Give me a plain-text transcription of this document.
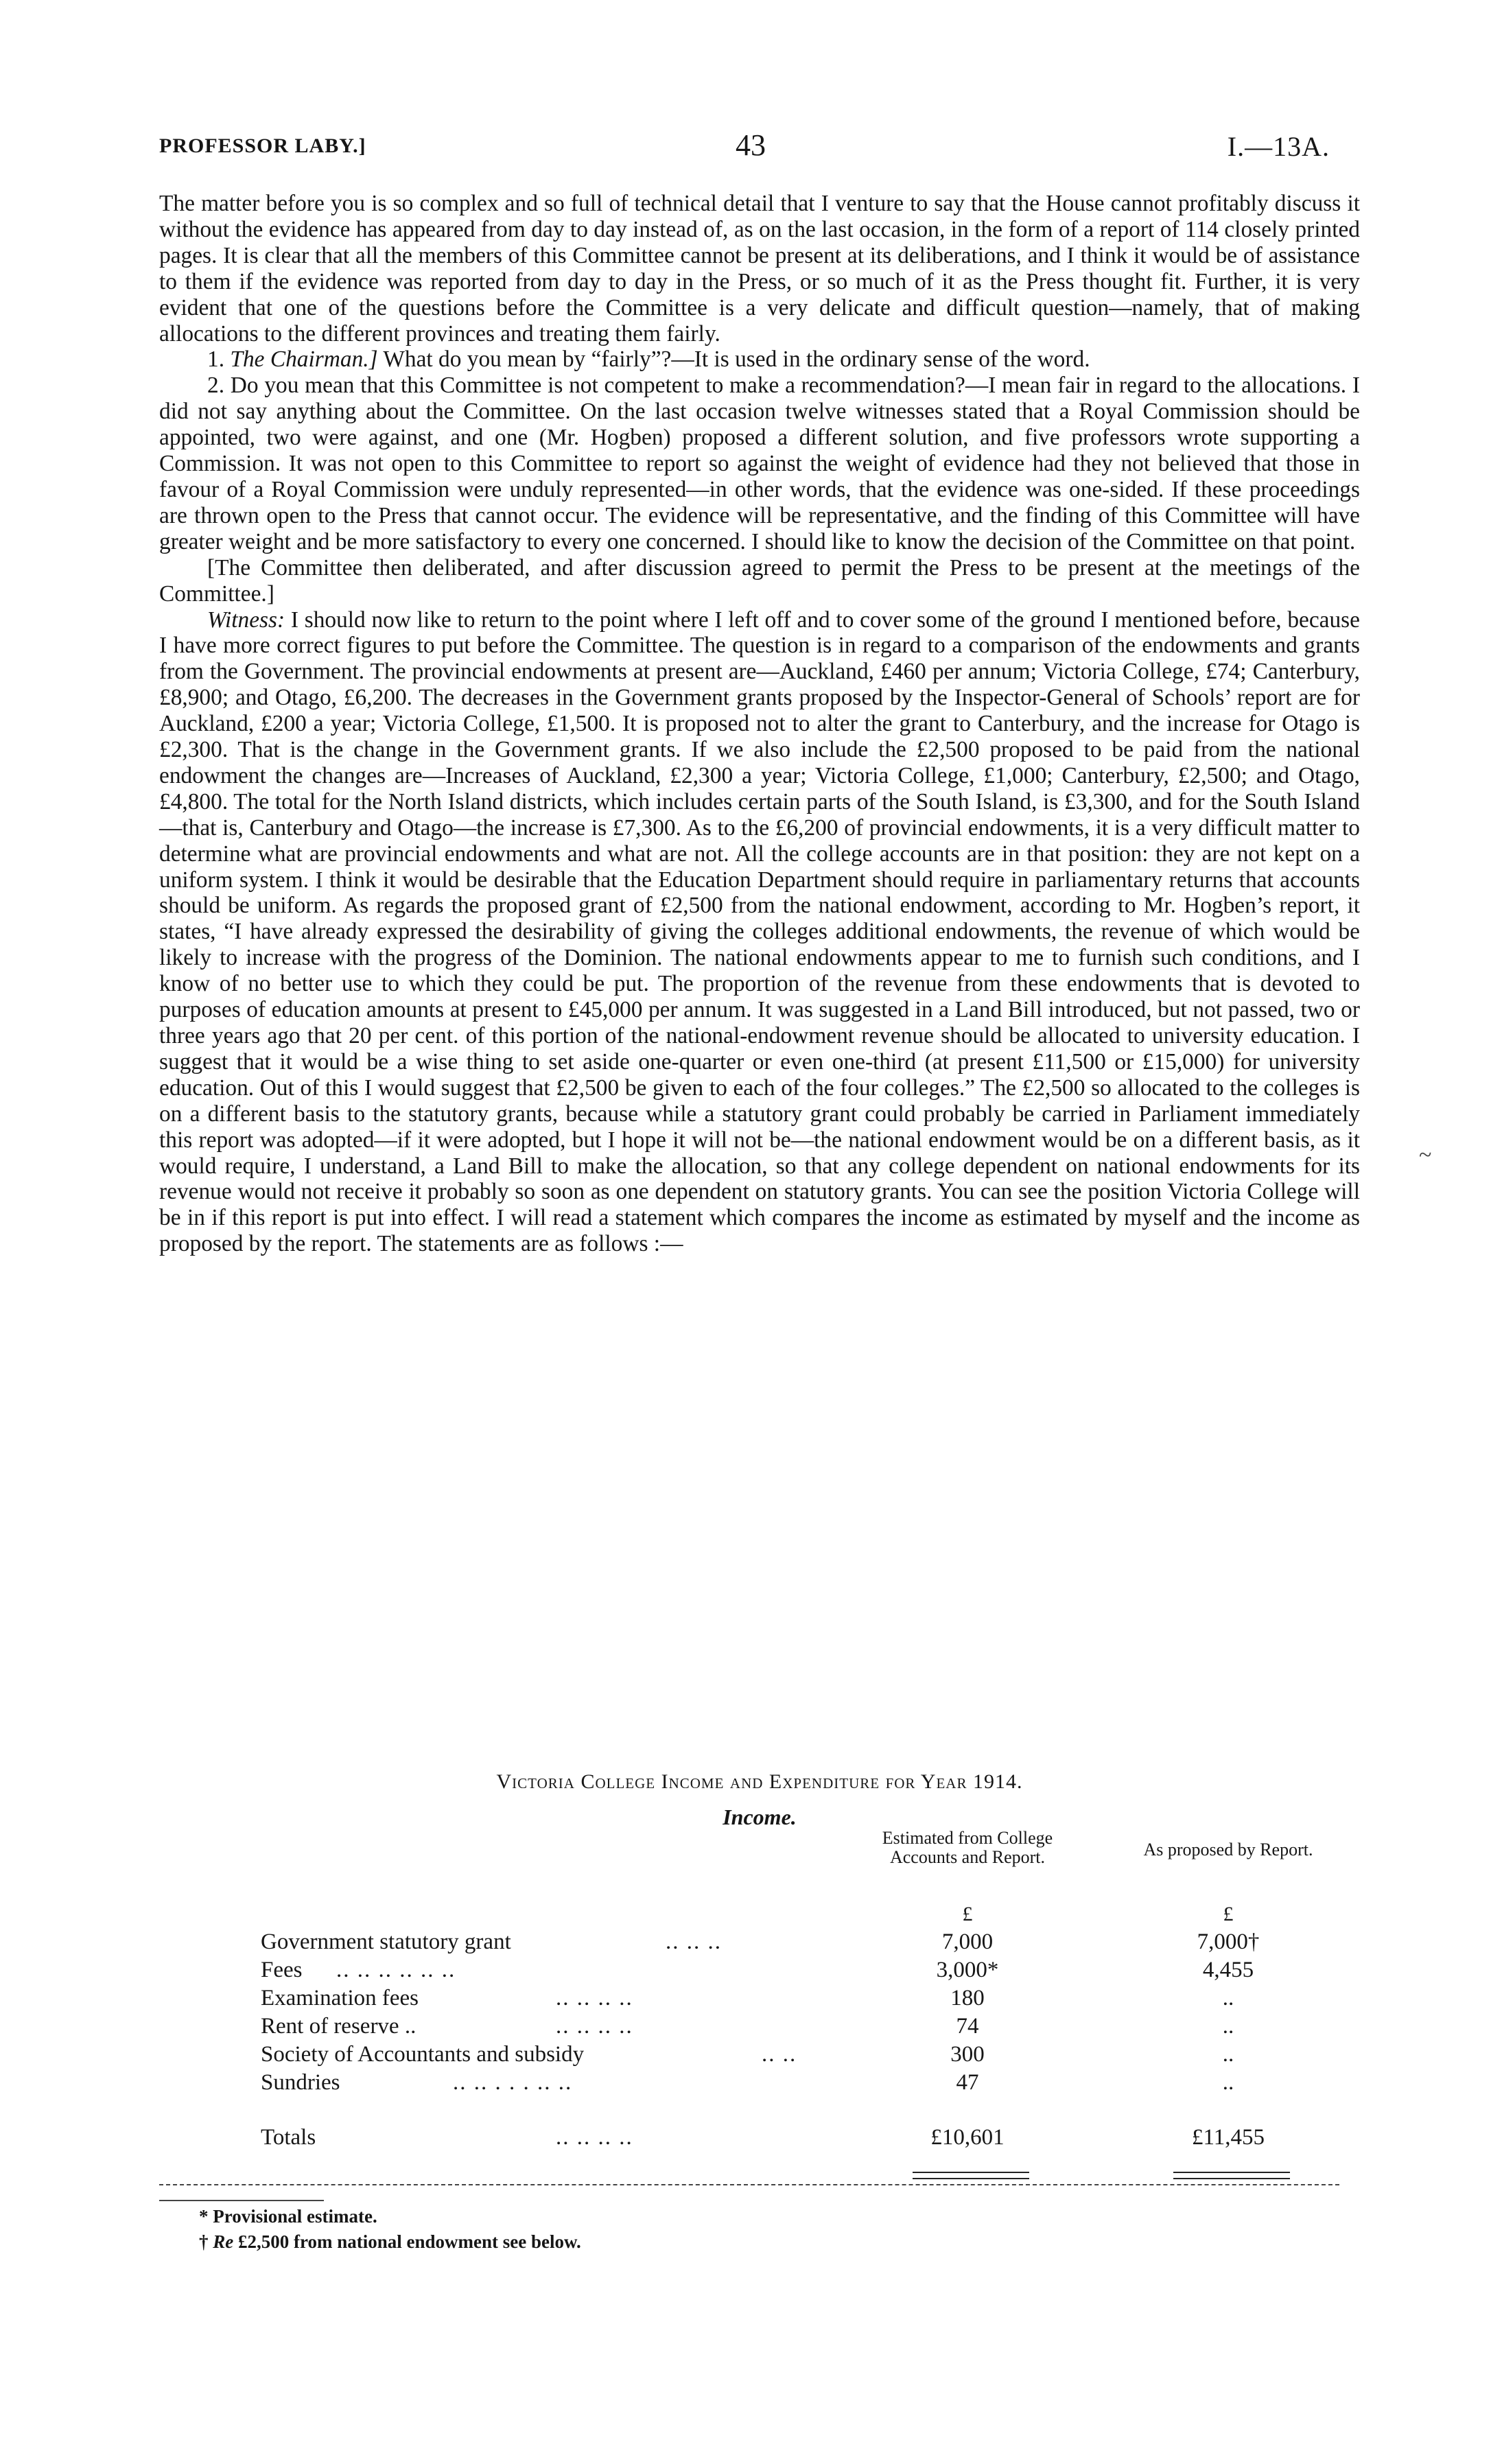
PROFESSOR LABY.]	43	I.—13A.

The matter before you is so complex and so full of technical detail that I venture to say that the House cannot profitably discuss it without the evidence has appeared from day to day instead of, as on the last occasion, in the form of a report of 114 closely printed pages. It is clear that all the members of this Committee cannot be present at its deliberations, and I think it would be of assistance to them if the evidence was reported from day to day in the Press, or so much of it as the Press thought fit. Further, it is very evident that one of the questions before the Committee is a very delicate and difficult question—namely, that of making allocations to the different provinces and treating them fairly.

1. The Chairman.] What do you mean by “fairly”?—It is used in the ordinary sense of the word.

2. Do you mean that this Committee is not competent to make a recommendation?—I mean fair in regard to the allocations. I did not say anything about the Committee. On the last occasion twelve witnesses stated that a Royal Commission should be appointed, two were against, and one (Mr. Hogben) proposed a different solution, and five professors wrote supporting a Commission. It was not open to this Committee to report so against the weight of evidence had they not believed that those in favour of a Royal Commission were unduly represented—in other words, that the evidence was one-sided. If these proceedings are thrown open to the Press that cannot occur. The evidence will be representative, and the finding of this Committee will have greater weight and be more satisfactory to every one concerned. I should like to know the decision of the Committee on that point.

[The Committee then deliberated, and after discussion agreed to permit the Press to be present at the meetings of the Committee.]

Witness: I should now like to return to the point where I left off and to cover some of the ground I mentioned before, because I have more correct figures to put before the Committee. The question is in regard to a comparison of the endowments and grants from the Government. The provincial endowments at present are—Auckland, £460 per annum; Victoria College, £74; Canterbury, £8,900; and Otago, £6,200. The decreases in the Government grants proposed by the Inspector-General of Schools’ report are for Auckland, £200 a year; Victoria College, £1,500. It is proposed not to alter the grant to Canterbury, and the increase for Otago is £2,300. That is the change in the Government grants. If we also include the £2,500 proposed to be paid from the national endowment the changes are—Increases of Auckland, £2,300 a year; Victoria College, £1,000; Canterbury, £2,500; and Otago, £4,800. The total for the North Island districts, which includes certain parts of the South Island, is £3,300, and for the South Island—that is, Canterbury and Otago—the increase is £7,300. As to the £6,200 of provincial endowments, it is a very difficult matter to determine what are provincial endowments and what are not. All the college accounts are in that position: they are not kept on a uniform system. I think it would be desirable that the Education Department should require in parliamentary returns that accounts should be uniform. As regards the proposed grant of £2,500 from the national endowment, according to Mr. Hogben’s report, it states, “I have already expressed the desirability of giving the colleges additional endowments, the revenue of which would be likely to increase with the progress of the Dominion. The national endowments appear to me to furnish such conditions, and I know of no better use to which they could be put. The proportion of the revenue from these endowments that is devoted to purposes of education amounts at present to £45,000 per annum. It was suggested in a Land Bill introduced, but not passed, two or three years ago that 20 per cent. of this portion of the national-endowment revenue should be allocated to university education. I suggest that it would be a wise thing to set aside one-quarter or even one-third (at present £11,500 or £15,000) for university education. Out of this I would suggest that £2,500 be given to each of the four colleges.” The £2,500 so allocated to the colleges is on a different basis to the statutory grants, because while a statutory grant could probably be carried in Parliament immediately this report was adopted—if it were adopted, but I hope it will not be—the national endowment would be on a different basis, as it would require, I understand, a Land Bill to make the allocation, so that any college dependent on national endowments for its revenue would not receive it probably so soon as one dependent on statutory grants. You can see the position Victoria College will be in if this report is put into effect. I will read a statement which compares the income as estimated by myself and the income as proposed by the report. The statements are as follows :—

~
Victoria College Income and Expenditure for Year 1914.
Income.
Estimated from College Accounts and Report.	As proposed by Report.
£	£
Government statutory grant	.. .. ..	7,000	7,000†
Fees .. .. .. .. .. ..	3,000*	4,455
Examination fees	.. .. .. ..	180	..
Rent of reserve ..	.. .. .. ..	74	..
Society of Accountants and subsidy	.. ..	300	..
Sundries	.. .. . . . .. ..	47	..
Totals	.. .. .. ..	£10,601	£11,455
* Provisional estimate.
† Re £2,500 from national endowment see below.
